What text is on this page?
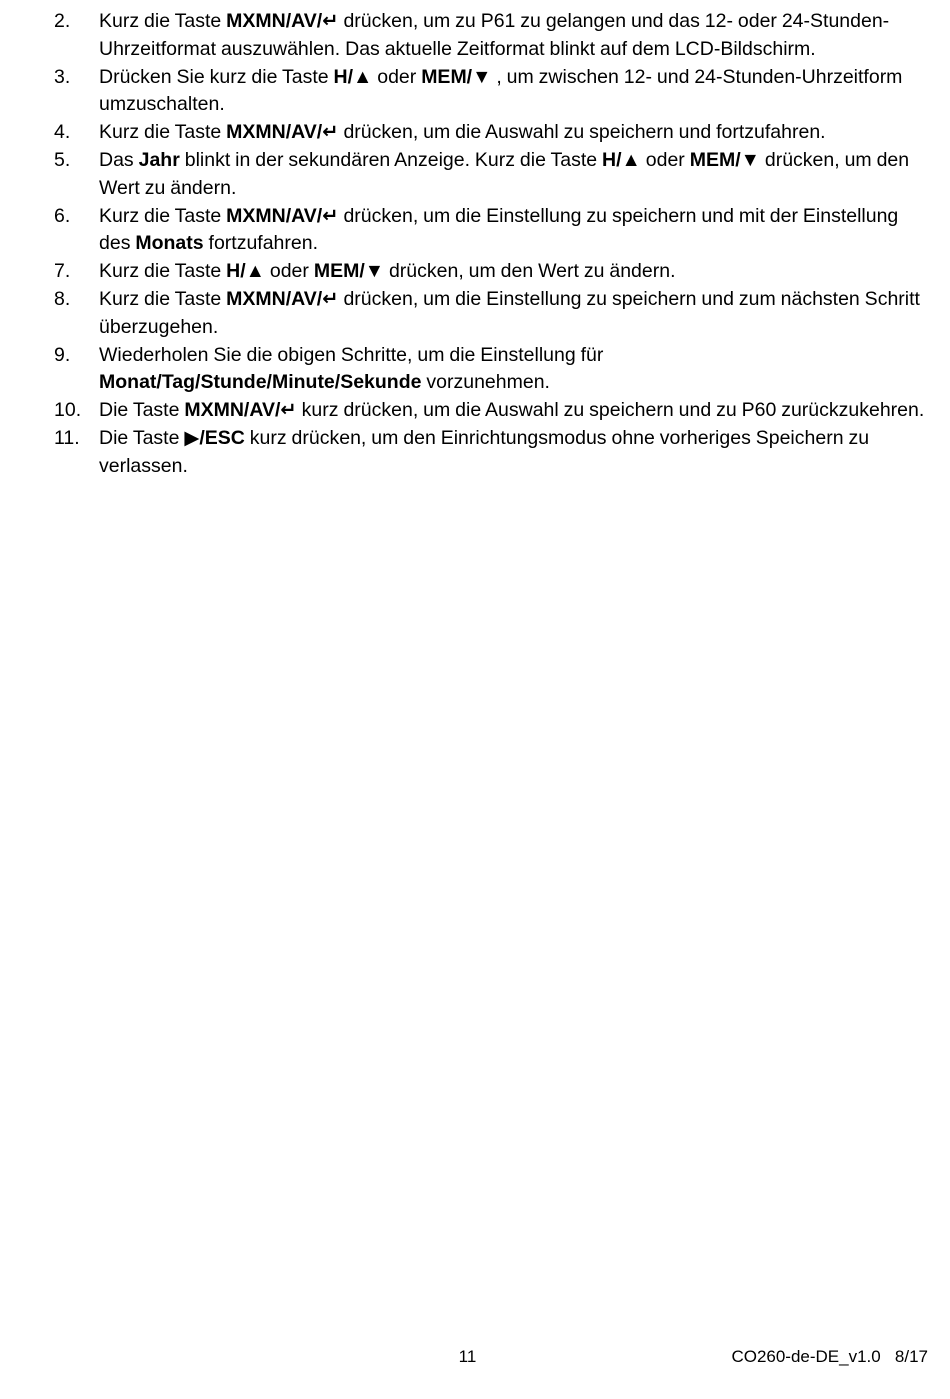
2. Kurz die Taste MXMN/AV/↵ drücken, um zu P61 zu gelangen und das 12- oder 24-Stunden-Uhrzeitformat auszuwählen. Das aktuelle Zeitformat blinkt auf dem LCD-Bildschirm.
3. Drücken Sie kurz die Taste H/▲ oder MEM/▼ , um zwischen 12- und 24-Stunden-Uhrzeitform umzuschalten.
4. Kurz die Taste MXMN/AV/↵ drücken, um die Auswahl zu speichern und fortzufahren.
5. Das Jahr blinkt in der sekundären Anzeige. Kurz die Taste H/▲ oder MEM/▼ drücken, um den Wert zu ändern.
6. Kurz die Taste MXMN/AV/↵ drücken, um die Einstellung zu speichern und mit der Einstellung des Monats fortzufahren.
7. Kurz die Taste H/▲ oder MEM/▼ drücken, um den Wert zu ändern.
8. Kurz die Taste MXMN/AV/↵ drücken, um die Einstellung zu speichern und zum nächsten Schritt überzugehen.
9. Wiederholen Sie die obigen Schritte, um die Einstellung für
Monat/Tag/Stunde/Minute/Sekunde vorzunehmen.
10. Die Taste MXMN/AV/↵ kurz drücken, um die Auswahl zu speichern und zu P60 zurückzukehren.
11. Die Taste ▶/ESC kurz drücken, um den Einrichtungsmodus ohne vorheriges Speichern zu verlassen.
11	CO260-de-DE_v1.0   8/17
